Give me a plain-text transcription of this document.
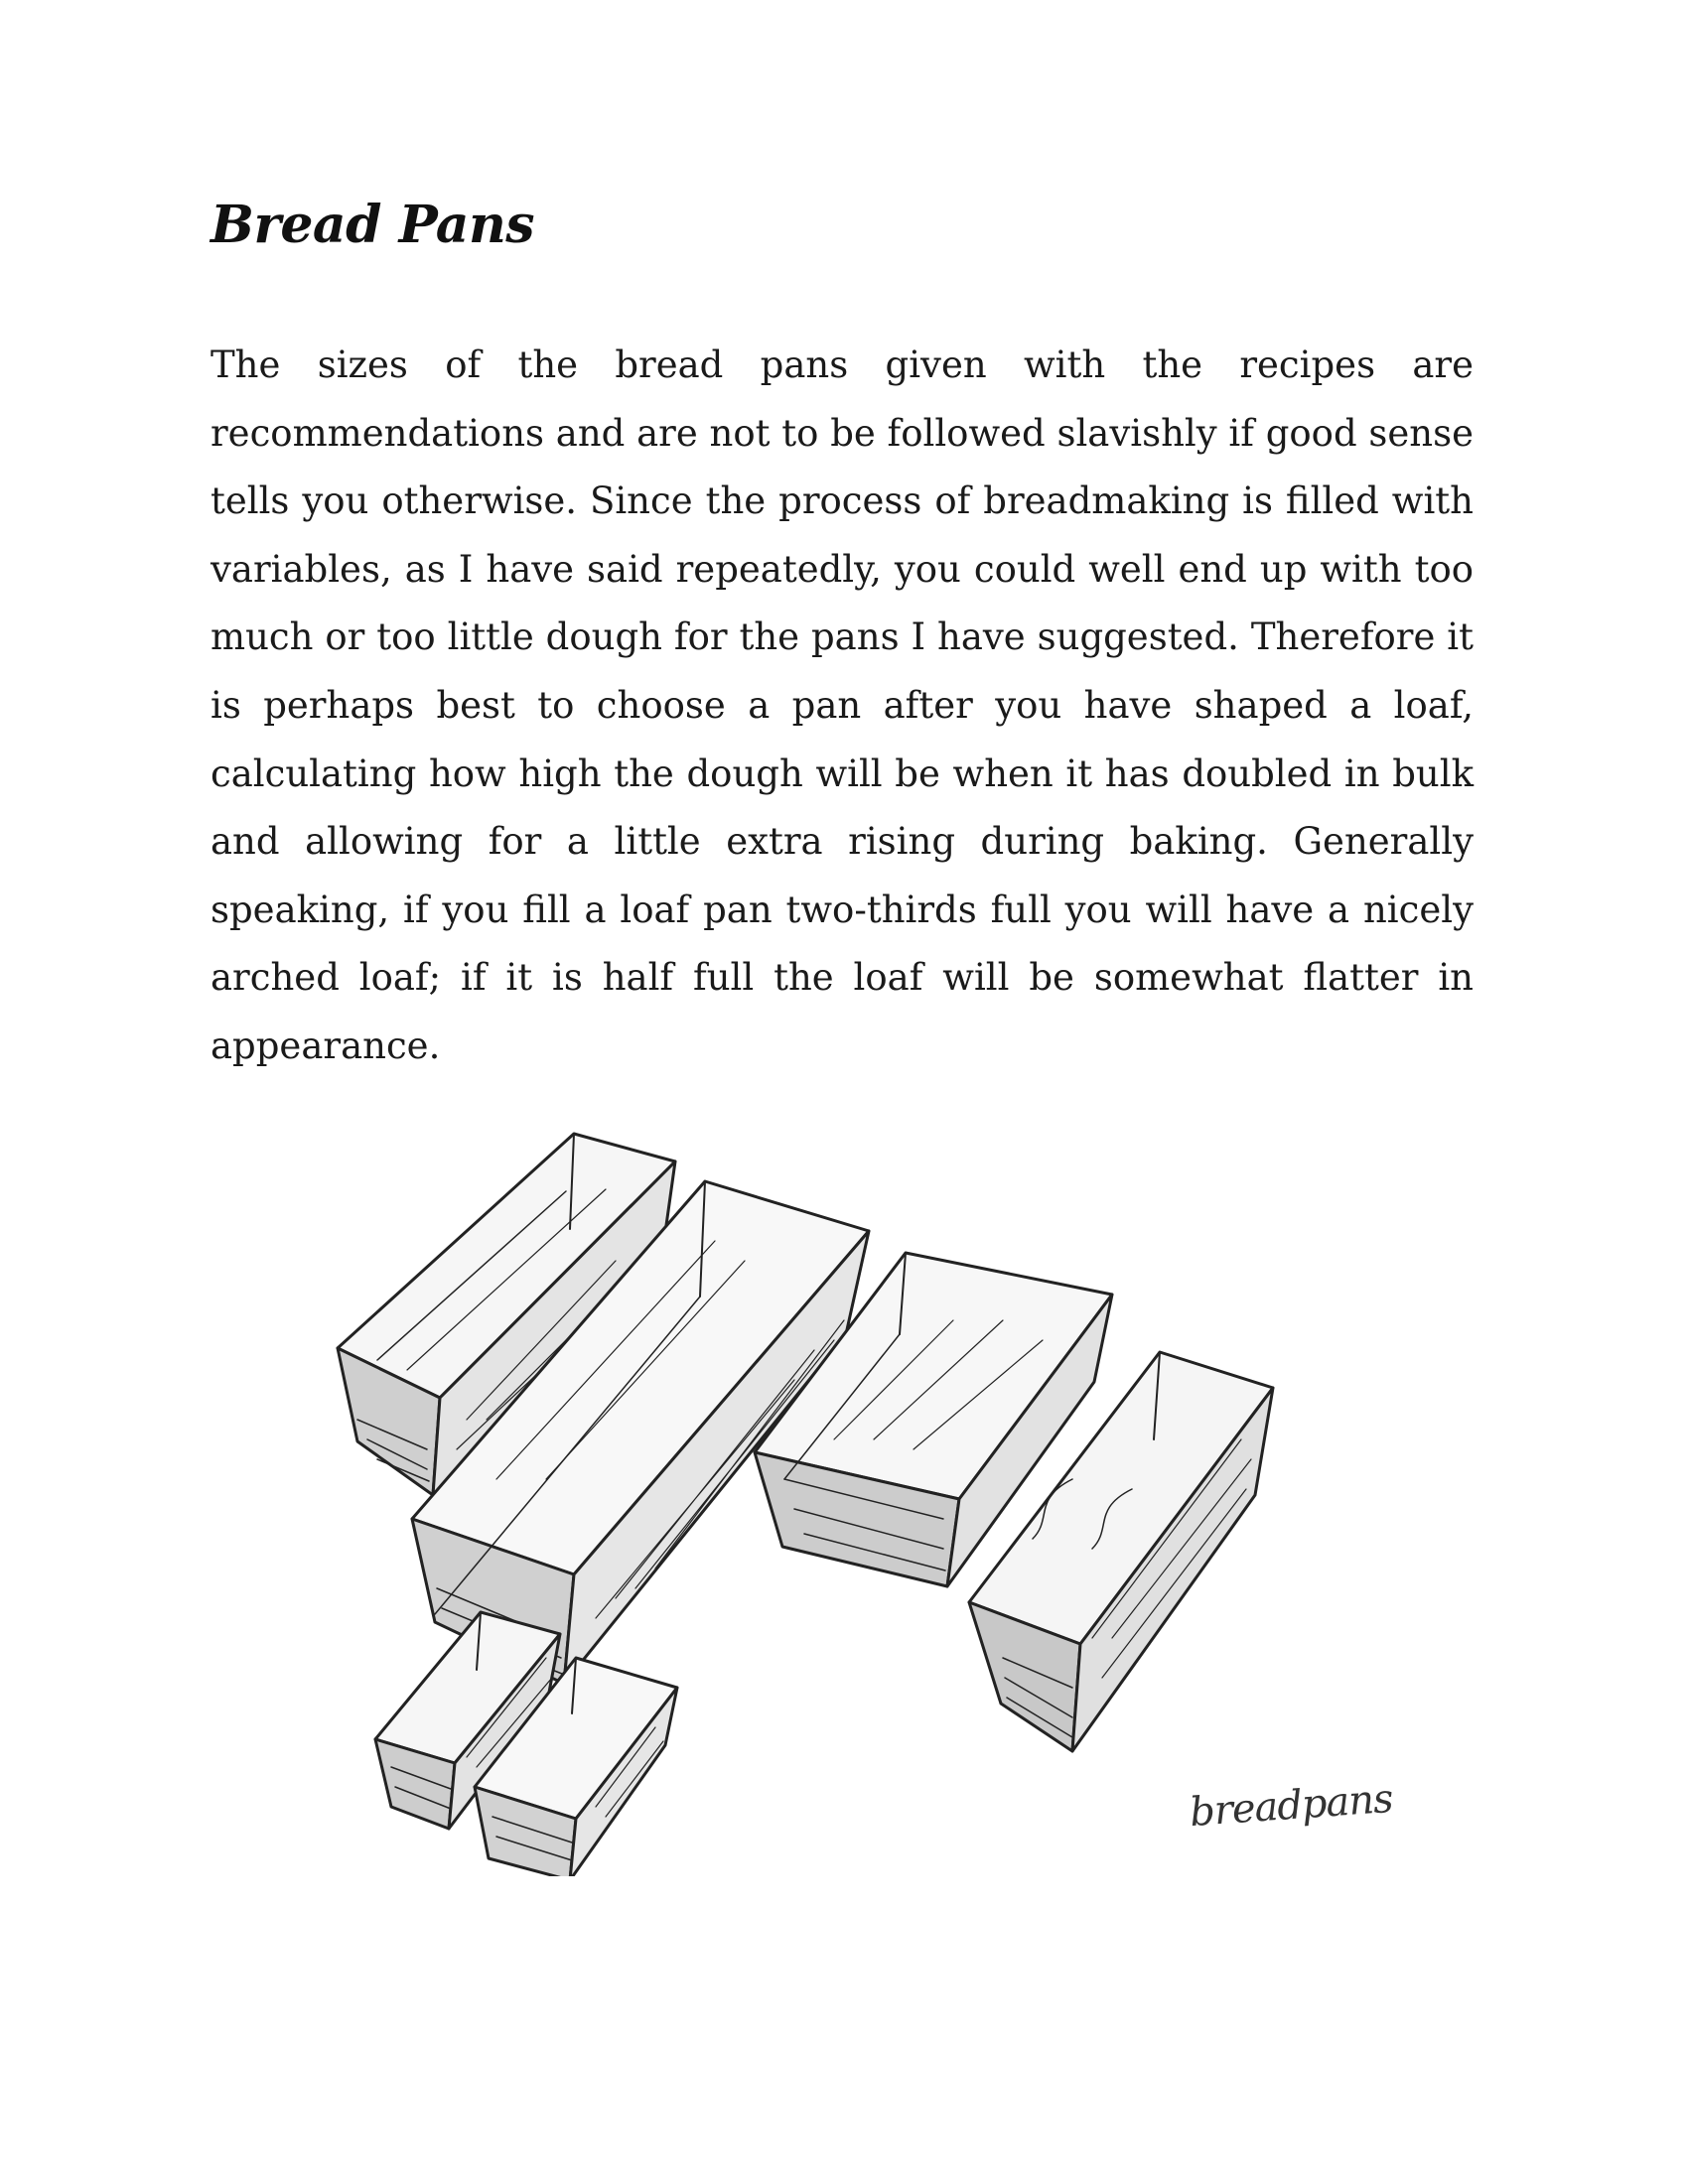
Bread Pans

The sizes of the bread pans given with the recipes are recommendations and are not to be followed slavishly if good sense tells you otherwise. Since the process of breadmaking is filled with variables, as I have said repeatedly, you could well end up with too much or too little dough for the pans I have suggested. Therefore it is perhaps best to choose a pan after you have shaped a loaf, calculating how high the dough will be when it has doubled in bulk and allowing for a little extra rising during baking. Generally speaking, if you fill a loaf pan two-thirds full you will have a nicely arched loaf; if it is half full the loaf will be somewhat flatter in appearance.

breadpans
